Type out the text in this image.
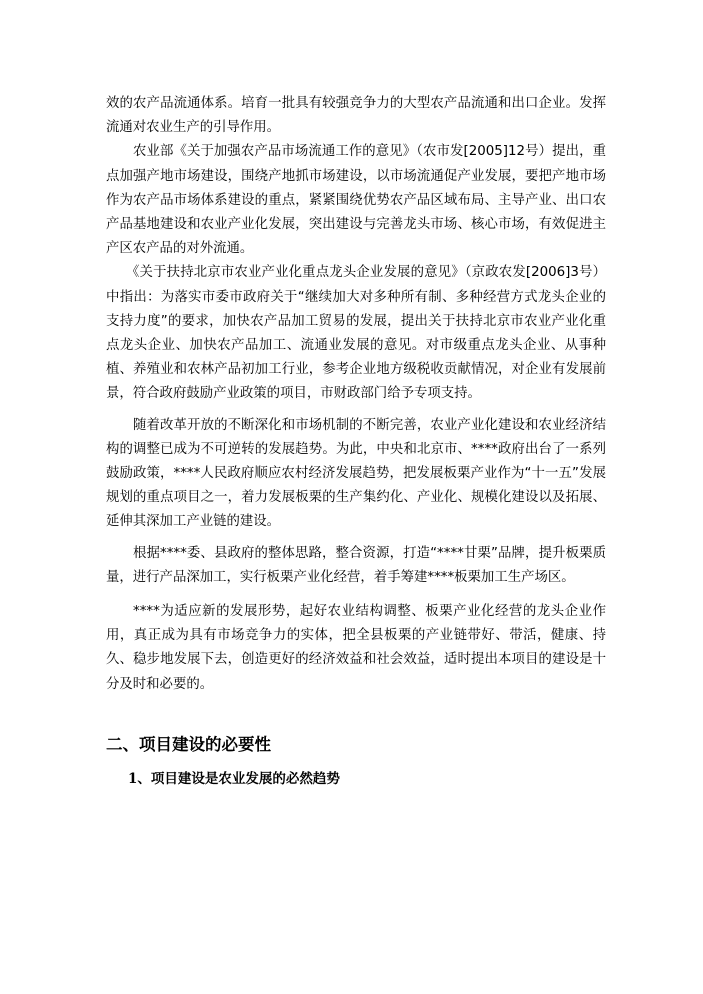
效的农产品流通体系。培育一批具有较强竞争力的大型农产品流通和出口企业。发挥流通对农业生产的引导作用。

农业部《关于加强农产品市场流通工作的意见》（农市发[2005]12号）提出，重点加强产地市场建设，围绕产地抓市场建设，以市场流通促产业发展，要把产地市场作为农产品市场体系建设的重点，紧紧围绕优势农产品区域布局、主导产业、出口农产品基地建设和农业产业化发展，突出建设与完善龙头市场、核心市场，有效促进主产区农产品的对外流通。

《关于扶持北京市农业产业化重点龙头企业发展的意见》（京政农发[2006]3号）中指出：为落实市委市政府关于“继续加大对多种所有制、多种经营方式龙头企业的支持力度”的要求，加快农产品加工贸易的发展，提出关于扶持北京市农业产业化重点龙头企业、加快农产品加工、流通业发展的意见。对市级重点龙头企业、从事种植、养殖业和农林产品初加工行业，参考企业地方级税收贡献情况，对企业有发展前景，符合政府鼓励产业政策的项目，市财政部门给予专项支持。

随着改革开放的不断深化和市场机制的不断完善，农业产业化建设和农业经济结构的调整已成为不可逆转的发展趋势。为此，中央和北京市、****政府出台了一系列鼓励政策，****人民政府顺应农村经济发展趋势，把发展板栗产业作为“十一五”发展规划的重点项目之一，着力发展板栗的生产集约化、产业化、规模化建设以及拓展、延伸其深加工产业链的建设。

根据****委、县政府的整体思路，整合资源，打造“****甘栗”品牌，提升板栗质量，进行产品深加工，实行板栗产业化经营，着手筹建****板栗加工生产场区。

****为适应新的发展形势，起好农业结构调整、板栗产业化经营的龙头企业作用，真正成为具有市场竞争力的实体，把全县板栗的产业链带好、带活，健康、持久、稳步地发展下去，创造更好的经济效益和社会效益，适时提出本项目的建设是十分及时和必要的。

二、项目建设的必要性
1、项目建设是农业发展的必然趋势
